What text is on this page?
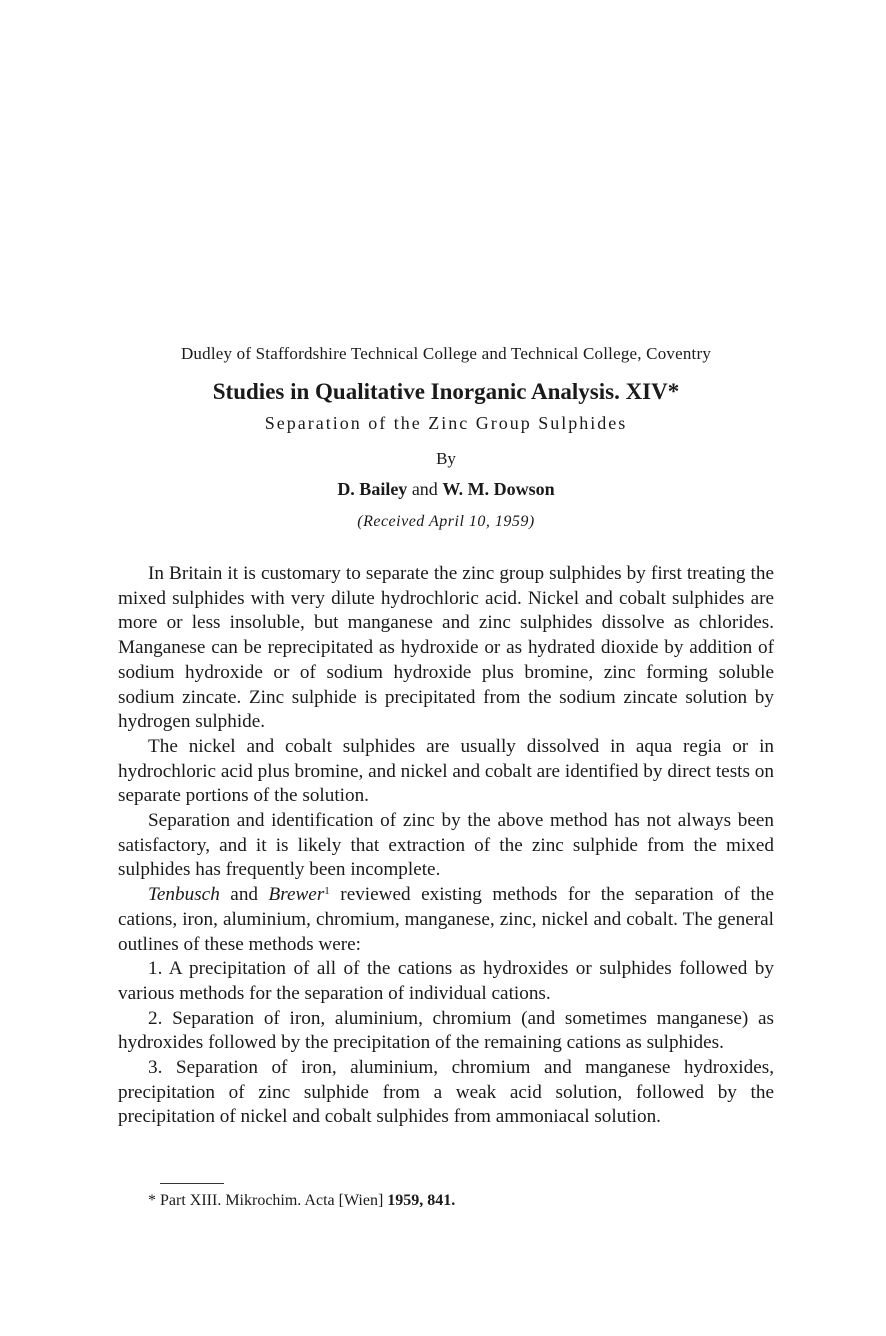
Dudley of Staffordshire Technical College and Technical College, Coventry

Studies in Qualitative Inorganic Analysis. XIV*

Separation of the Zinc Group Sulphides

By

D. Bailey and W. M. Dowson

(Received April 10, 1959)

In Britain it is customary to separate the zinc group sulphides by first treating the mixed sulphides with very dilute hydrochloric acid. Nickel and cobalt sulphides are more or less insoluble, but manganese and zinc sulphides dissolve as chlorides. Manganese can be reprecipitated as hydroxide or as hydrated dioxide by addition of sodium hydroxide or of sodium hydroxide plus bromine, zinc forming soluble sodium zincate. Zinc sulphide is precipitated from the sodium zincate solution by hydrogen sulphide.

The nickel and cobalt sulphides are usually dissolved in aqua regia or in hydrochloric acid plus bromine, and nickel and cobalt are identified by direct tests on separate portions of the solution.

Separation and identification of zinc by the above method has not always been satisfactory, and it is likely that extraction of the zinc sulphide from the mixed sulphides has frequently been incomplete.

Tenbusch and Brewer$^1$ reviewed existing methods for the separation of the cations, iron, aluminium, chromium, manganese, zinc, nickel and cobalt. The general outlines of these methods were:

1. A precipitation of all of the cations as hydroxides or sulphides followed by various methods for the separation of individual cations.

2. Separation of iron, aluminium, chromium (and sometimes manganese) as hydroxides followed by the precipitation of the remaining cations as sulphides.

3. Separation of iron, aluminium, chromium and manganese hydroxides, precipitation of zinc sulphide from a weak acid solution, followed by the precipitation of nickel and cobalt sulphides from ammoniacal solution.

* Part XIII. Mikrochim. Acta [Wien] 1959, 841.
